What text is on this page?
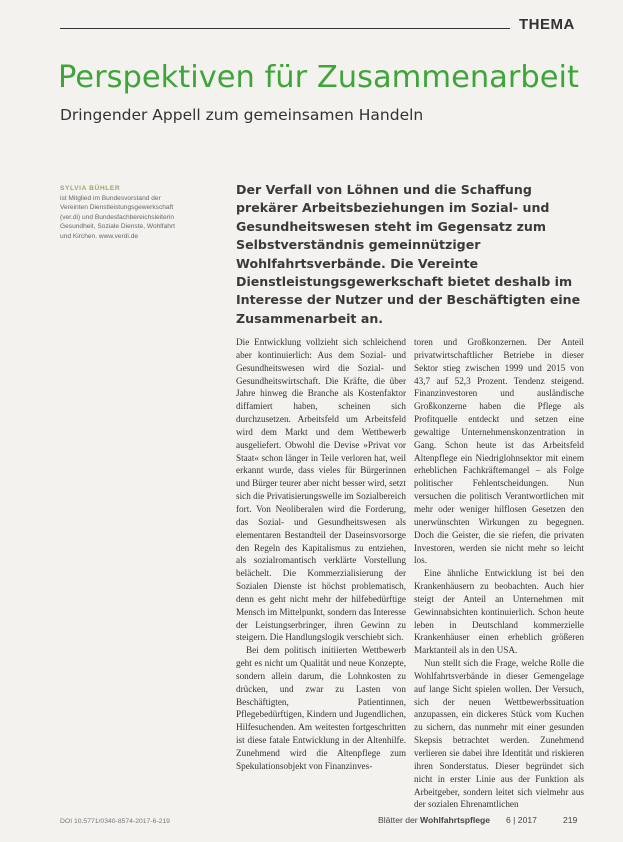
THEMA
Perspektiven für Zusammenarbeit
Dringender Appell zum gemeinsamen Handeln
SYLVIA BÜHLER
ist Mitglied im Bundesvorstand der Vereinten Dienstleistungsgewerkschaft (ver.di) und Bundesfachbereichsleiterin Gesundheit, Soziale Dienste, Wohlfahrt und Kirchen. www.verdi.de
Der Verfall von Löhnen und die Schaffung prekärer Arbeitsbeziehungen im Sozial- und Gesundheitswesen steht im Gegensatz zum Selbstverständnis gemeinnütziger Wohlfahrtsverbände. Die Vereinte Dienstleistungsgewerkschaft bietet deshalb im Interesse der Nutzer und der Beschäftigten eine Zusammenarbeit an.

Die Entwicklung vollzieht sich schleichend aber kontinuierlich: Aus dem Sozial- und Gesundheitswesen wird die Sozial- und Gesundheitswirtschaft. Die Kräfte, die über Jahre hinweg die Branche als Kostenfaktor diffamiert haben, scheinen sich durchzusetzen. Arbeitsfeld um Arbeitsfeld wird dem Markt und dem Wettbewerb ausgeliefert. Obwohl die Devise »Privat vor Staat« schon länger in Teile verloren hat, weil erkannt wurde, dass vieles für Bürgerinnen und Bürger teurer aber nicht besser wird, setzt sich die Privatisierungswelle im Sozialbereich fort. Von Neoliberalen wird die Forderung, das Sozial- und Gesundheitswesen als elementaren Bestandteil der Daseinsvorsorge den Regeln des Kapitalismus zu entziehen, als sozialromantisch verklärte Vorstellung belächelt. Die Kommerzialisierung der Sozialen Dienste ist höchst problematisch, denn es geht nicht mehr der hilfebedürftige Mensch im Mittelpunkt, sondern das Interesse der Leistungserbringer, ihren Gewinn zu steigern. Die Handlungslogik verschiebt sich.

Bei dem politisch initiierten Wettbewerb geht es nicht um Qualität und neue Konzepte, sondern allein darum, die Lohnkosten zu drücken, und zwar zu Lasten von Beschäftigten, Patientinnen, Pflegebedürftigen, Kindern und Jugendlichen, Hilfesuchenden. Am weitesten fortgeschritten ist diese fatale Entwicklung in der Altenhilfe. Zunehmend wird die Altenpflege zum Spekulationsobjekt von Finanzinves-

toren und Großkonzernen. Der Anteil privatwirtschaftlicher Betriebe in dieser Sektor stieg zwischen 1999 und 2015 von 43,7 auf 52,3 Prozent. Tendenz steigend. Finanzinvestoren und ausländische Großkonzerne haben die Pflege als Profitquelle entdeckt und setzen eine gewaltige Unternehmenskonzentration in Gang. Schon heute ist das Arbeitsfeld Altenpflege ein Niedriglohnsektor mit einem erheblichen Fachkräftemangel – als Folge politischer Fehlentscheidungen. Nun versuchen die politisch Verantwortlichen mit mehr oder weniger hilflosen Gesetzen den unerwünschten Wirkungen zu begegnen. Doch die Geister, die sie riefen, die privaten Investoren, werden sie nicht mehr so leicht los.

Eine ähnliche Entwicklung ist bei den Krankenhäusern zu beobachten. Auch hier steigt der Anteil an Unternehmen mit Gewinnabsichten kontinuierlich. Schon heute leben in Deutschland kommerzielle Krankenhäuser einen erheblich größeren Marktanteil als in den USA.

Nun stellt sich die Frage, welche Rolle die Wohlfahrtsverbände in dieser Gemengelage auf lange Sicht spielen wollen. Der Versuch, sich der neuen Wettbewerbssituation anzupassen, ein dickeres Stück vom Kuchen zu sichern, das nunmehr mit einer gesunden Skepsis betrachtet werden. Zunehmend verlieren sie dabei ihre Identität und riskieren ihren Sonderstatus. Dieser begründet sich nicht in erster Linie aus der Funktion als Arbeitgeber, sondern leitet sich vielmehr aus der sozialen Ehrenamtlichen

DOI 10.5771/0340-8574-2017-6-219	Blätter der Wohlfahrtspflege 6 | 2017	219
